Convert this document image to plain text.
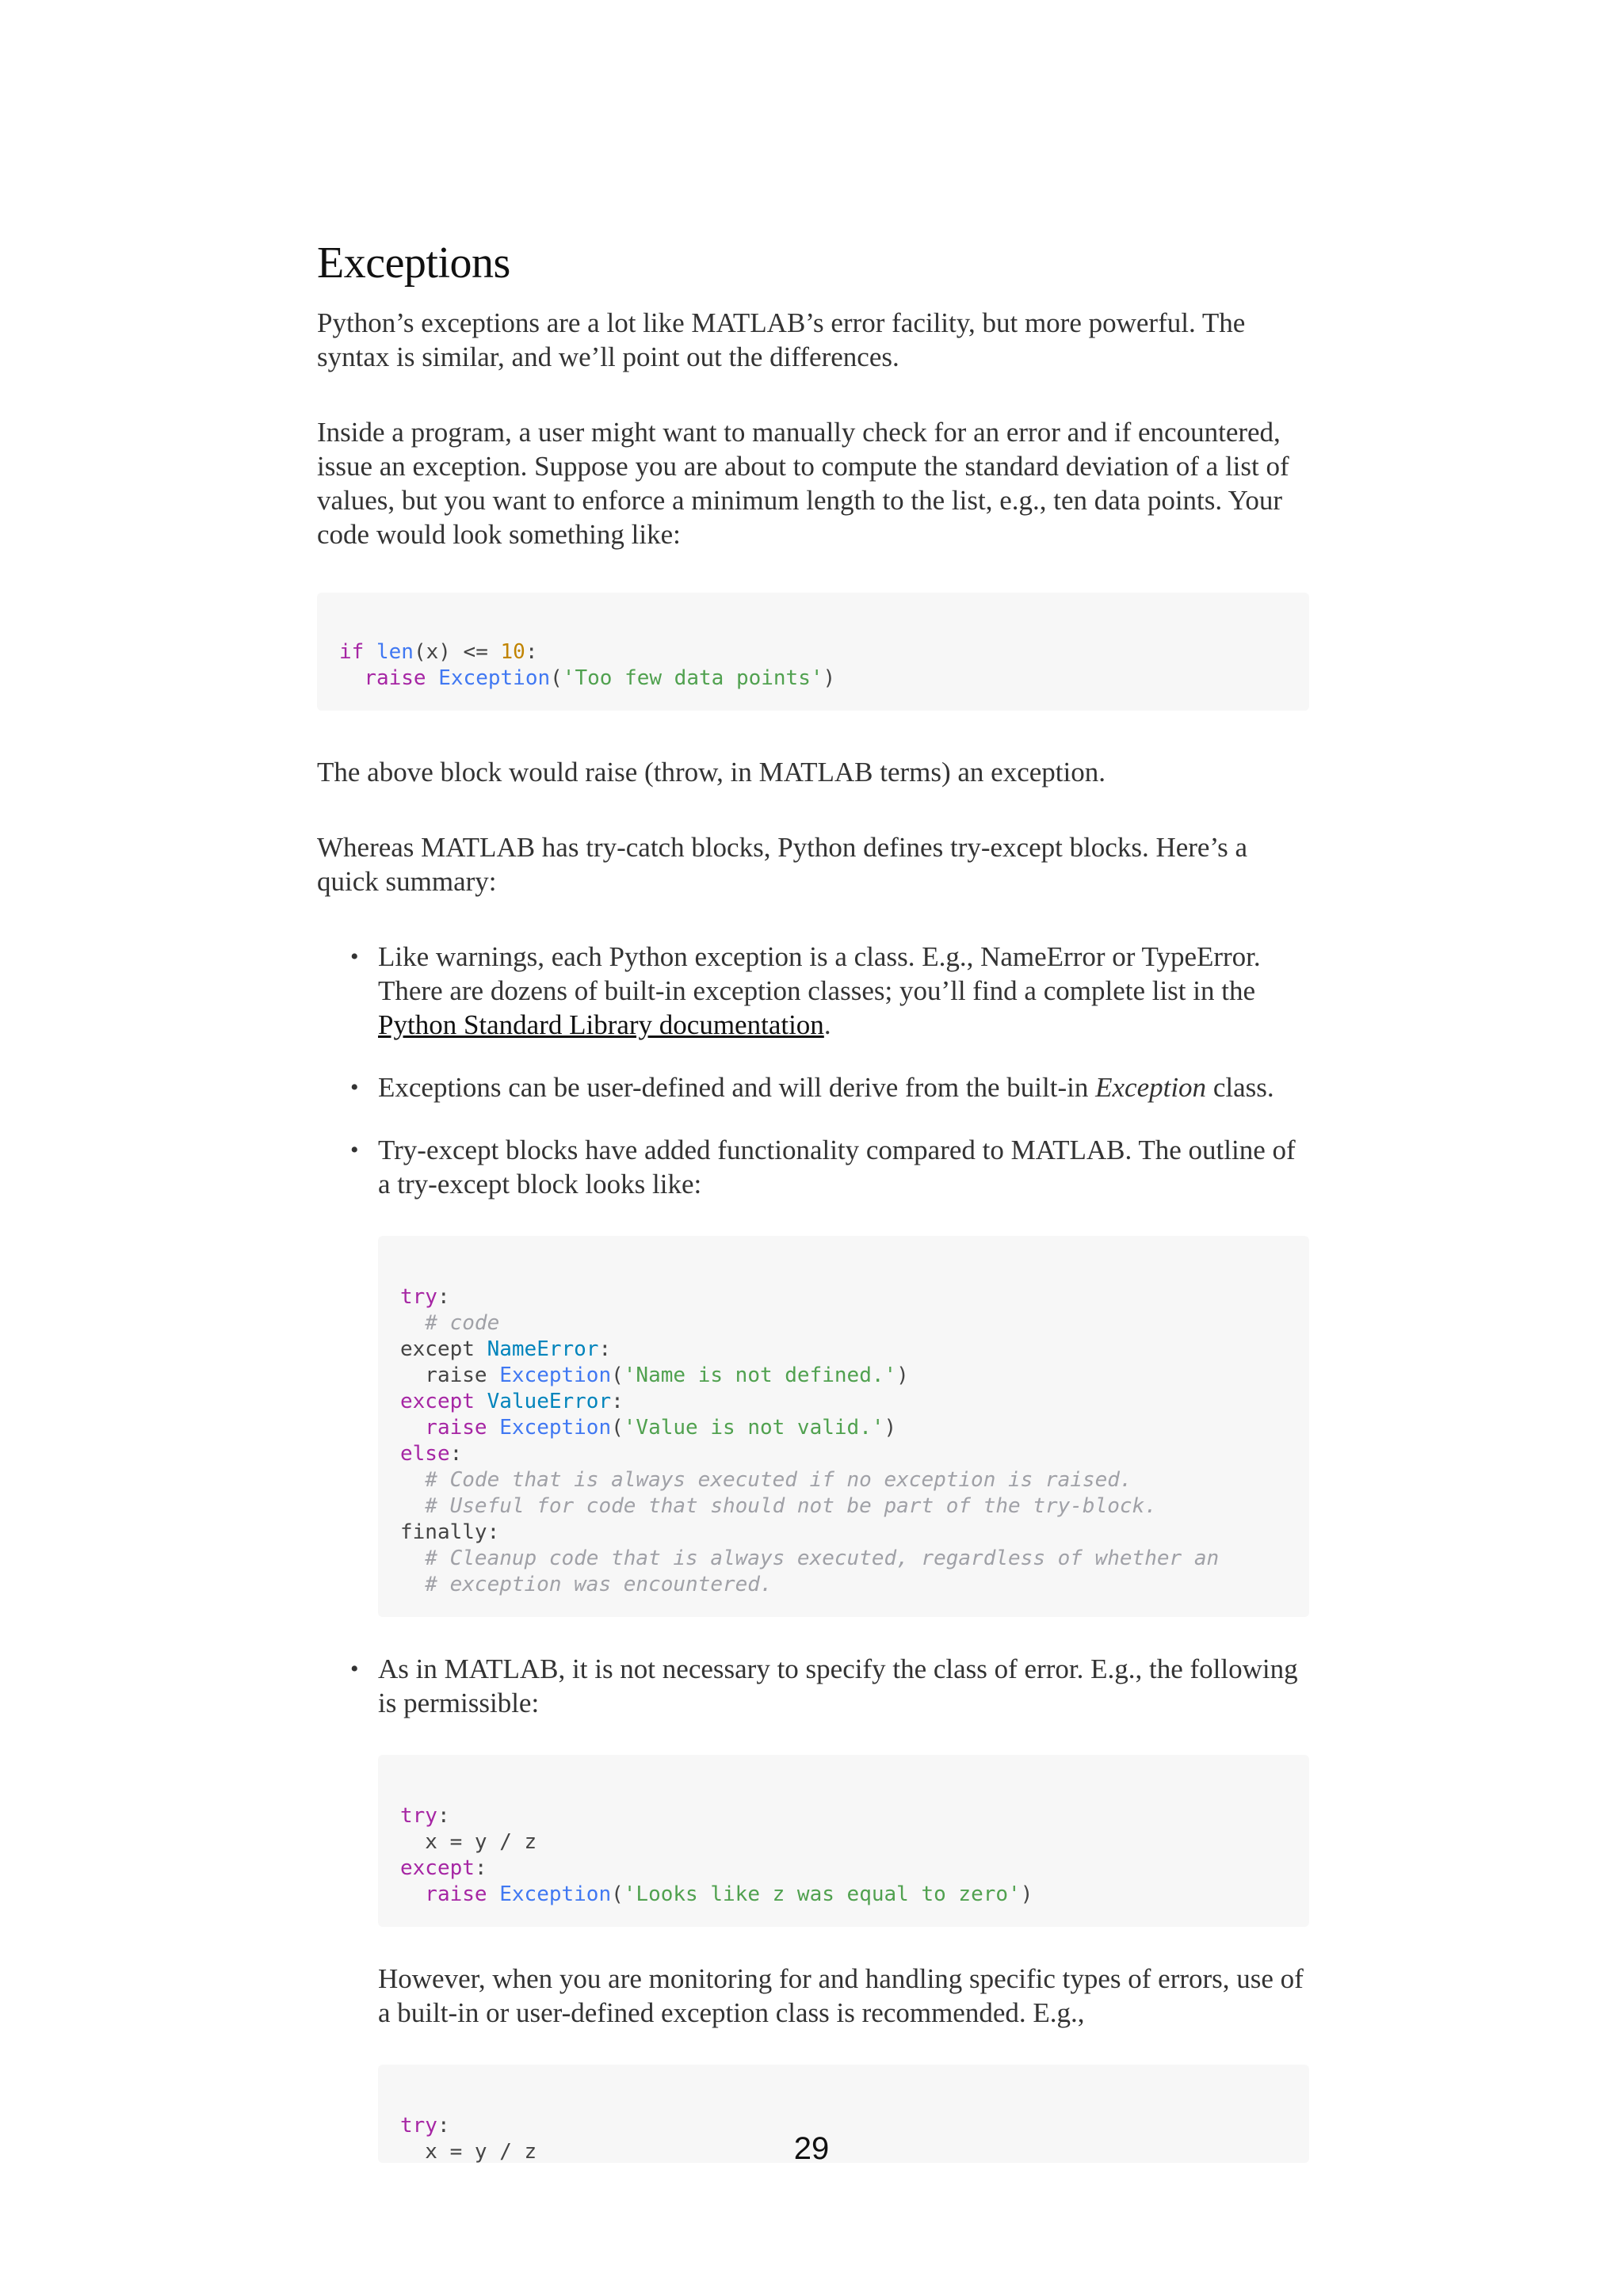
Exceptions

Python’s exceptions are a lot like MATLAB’s error facility, but more powerful. The syntax is similar, and we’ll point out the differences.

Inside a program, a user might want to manually check for an error and if encountered, issue an exception. Suppose you are about to compute the standard deviation of a list of values, but you want to enforce a minimum length to the list, e.g., ten data points. Your code would look something like:

if len(x) <= 10:
raise Exception('Too few data points')

The above block would raise (throw, in MATLAB terms) an exception.

Whereas MATLAB has try-catch blocks, Python defines try-except blocks. Here’s a quick summary:

• Like warnings, each Python exception is a class. E.g., NameError or TypeError. There are dozens of built-in exception classes; you’ll find a complete list in the Python Standard Library documentation.
• Exceptions can be user-defined and will derive from the built-in Exception class.
• Try-except blocks have added functionality compared to MATLAB. The outline of a try-except block looks like:

try:
# code
except NameError:
raise Exception('Name is not defined.')
except ValueError:
raise Exception('Value is not valid.')
else:
# Code that is always executed if no exception is raised.
# Useful for code that should not be part of the try-block.
finally:
# Cleanup code that is always executed, regardless of whether an
# exception was encountered.
• As in MATLAB, it is not necessary to specify the class of error. E.g., the following is permissible:

try:
x = y / z
except:
raise Exception('Looks like z was equal to zero')
However, when you are monitoring for and handling specific types of errors, use of a built-in or user-defined exception class is recommended. E.g.,

try:
x = y / z	29
